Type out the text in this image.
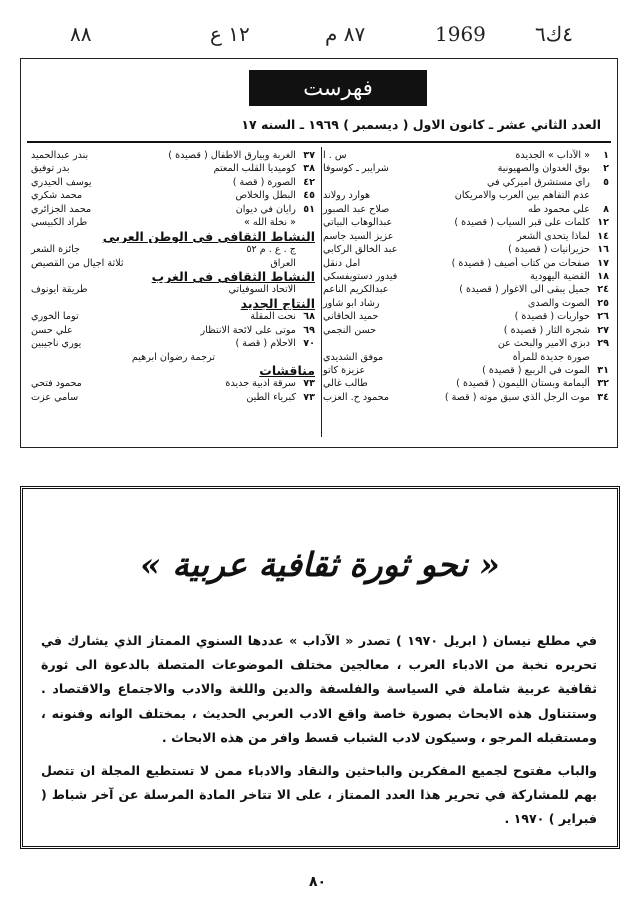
٨٨	١٢ ع	٨٧ م	1969 ٤ك٦
فهرست
العدد الثاني عشر ـ كانون الاول ( ديسمبر ) ١٩٦٩ ـ السنه ١٧
١ « الآداب » الجديدة
س . ا
٢ بوق العدوان والصهيونية
شرايبر ـ كوسوفا
٥ راي مستشرق اميركي في
عدم التفاهم بين العرب والامريكان
هوارد رولاند
٨ علي محمود طه
صلاح عبد الصبور
١٢ كلمات على قبر السياب ( قصيدة )
عبدالوهاب البياتي
١٤ لماذا يتحدى الشعر
عزيز السيد جاسم
١٦ حزيرانيات ( قصيدة )
عبد الخالق الركابي
١٧ صفحات من كتاب أصيف ( قصيدة )
امل دنقل
١٨ القضية اليهودية
فيدور دستويفسكي
٢٤ جميل يبقى الى الاغوار ( قصيدة )
عبدالكريم الناعم
٢٥ الصوت والصدى
رشاد ابو شاور
٢٦ حواريات ( قصيدة )
حميد الخاقاني
٢٧ شجرة الثار ( قصيدة )
حسن النجمي
٢٩ دبزي الامير والبحث عن
صورة جديدة للمرأة
موفق الشديدي
٣١ الموت في الربيع ( قصيدة )
عزيزة كاتو
٣٢ أليمامة وبستان الليمون ( قصيدة )
طالب غالي
٣٤ موت الرجل الذي سبق موته ( قصة )
محمود ح. العزب
٣٧ الغربة وبيارق الاطفال ( قصيدة )
بندر عبدالحميد
٣٨ كوميديا القلب المعتم
بدر توفيق
٤٢ الصورة ( قصة )
يوسف الحيدري
٤٥ البطل والخلاص
محمد شكري
٥١ رايان في ديوان
محمد الجزائري
« نخلة الله »
طراد الكبيسي
النشاط الثقافي في الوطن العربي
ج . ع . م ٥٢
جائزة الشعر
العراق
ثلاثة اجيال من القصيص
النشاط الثقافي في الغرب
الاتحاد السوفياتي
طريقة ايونوف
النتاج الجديد
٦٨ نحت المقلة
توما الخوري
٦٩ موتى على لائحة الانتظار
علي حسن
٧٠ الاحلام ( قصة )
يوري ناجيبين
ترجمة رضوان ابرهيم
مناقشات
٧٣ سرقة ادبية جديدة
محمود فتحي
٧٣ كبرياء الطين
سامي عزت
« نحو ثورة ثقافية عربية »
في مطلع نيسان ( ابريل ١٩٧٠ ) تصدر « الآداب » عددها السنوي الممتاز الذي يشارك في تحريره نخبة من الادباء العرب ، معالجين مختلف الموضوعات المتصلة بالدعوة الى ثورة ثقافية عربية شاملة في السياسة والفلسفة والدين واللغة والادب والاجتماع والاقتصاد . وستتناول هذه الابحاث بصورة خاصة واقع الادب العربي الحديث ، بمختلف الوانه وفنونه ، ومستقبله المرجو ، وسيكون لادب الشباب قسط وافر من هذه الابحاث .
والباب مفتوح لجميع المفكرين والباحثين والنقاد والادباء ممن لا تستطيع المجلة ان تتصل بهم للمشاركة في تحرير هذا العدد الممتاز ، على الا تتاخر المادة المرسلة عن آخر شباط ( فبراير ) ١٩٧٠ .
٨٠
